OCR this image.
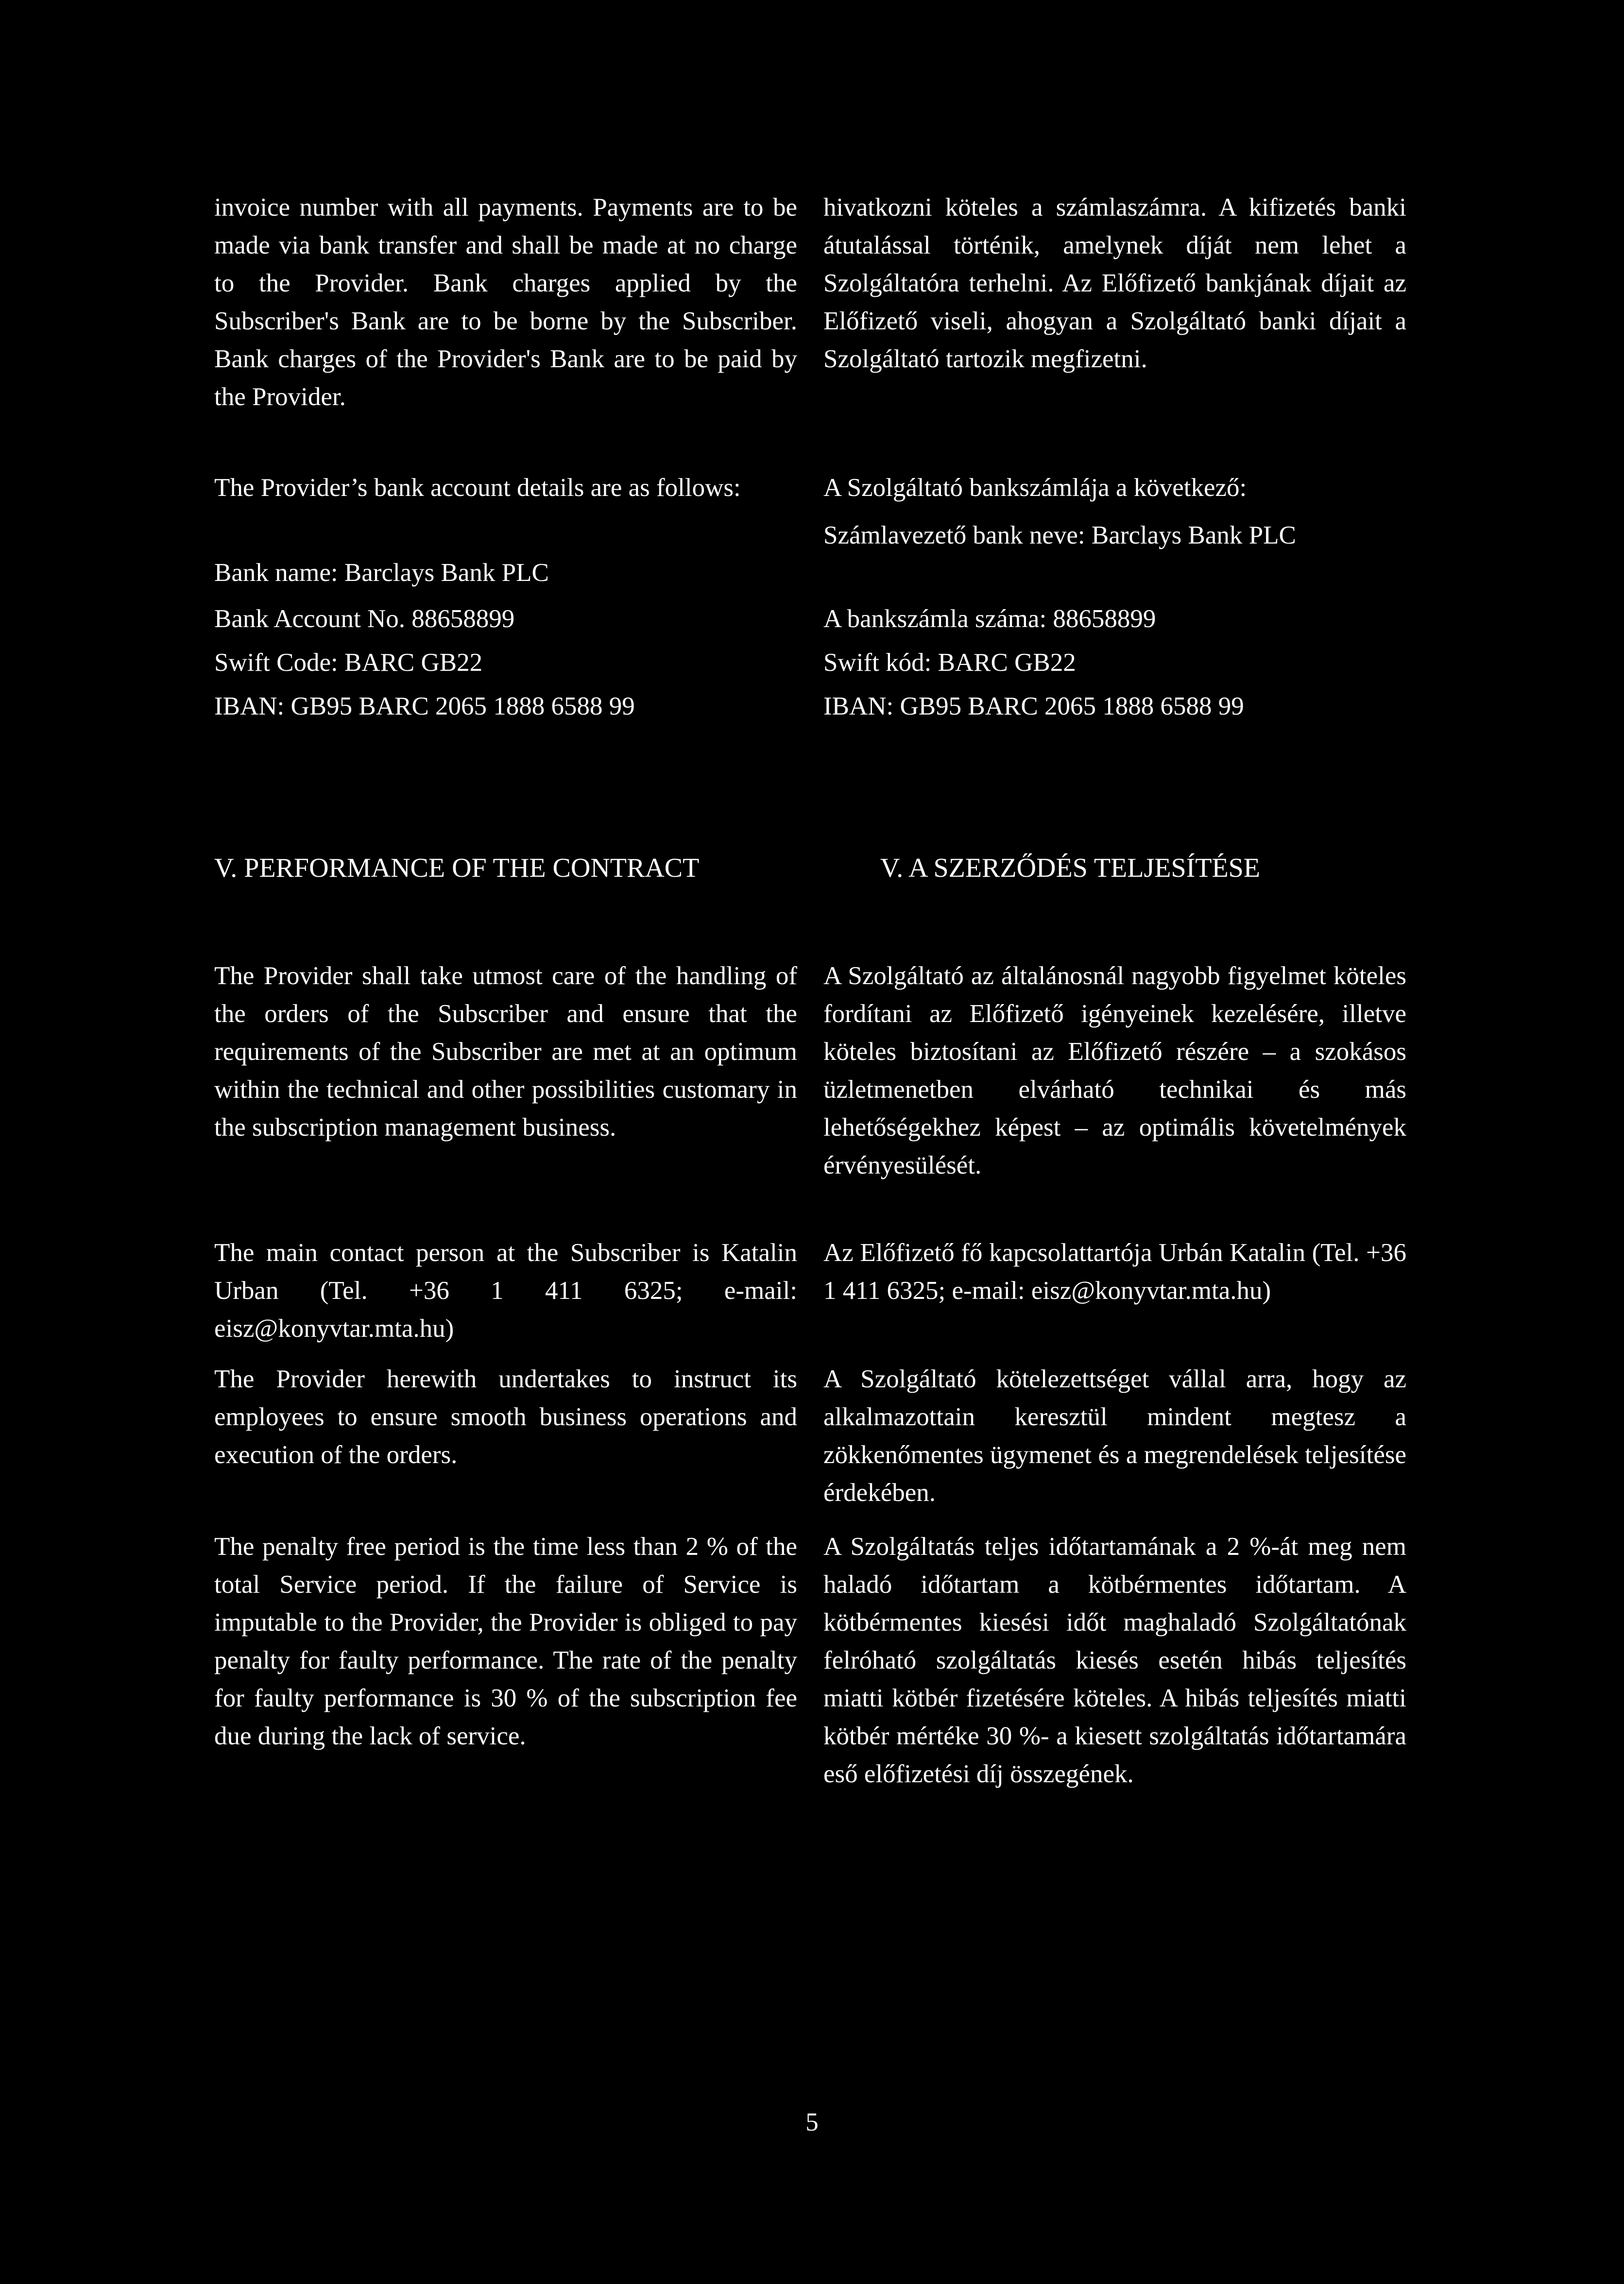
invoice number with all payments. Payments are to be made via bank transfer and shall be made at no charge to the Provider. Bank charges applied by the Subscriber's Bank are to be borne by the Subscriber. Bank charges of the Provider's Bank are to be paid by the Provider.

The Provider’s bank account details are as follows:

Bank name: Barclays Bank PLC

Bank Account No. 88658899

Swift Code: BARC GB22

IBAN: GB95 BARC 2065 1888 6588 99

V. PERFORMANCE OF THE CONTRACT

The Provider shall take utmost care of the handling of the orders of the Subscriber and ensure that the requirements of the Subscriber are met at an optimum within the technical and other possibilities customary in the subscription management business.

The main contact person at the Subscriber is Katalin Urban (Tel. +36 1 411 6325; e-mail: eisz@konyvtar.mta.hu)

The Provider herewith undertakes to instruct its employees to ensure smooth business operations and execution of the orders.

The penalty free period is the time less than 2 % of the total Service period. If the failure of Service is imputable to the Provider, the Provider is obliged to pay penalty for faulty performance. The rate of the penalty for faulty performance is 30 % of the subscription fee due during the lack of service.

hivatkozni köteles a számlaszámra. A kifizetés banki átutalással történik, amelynek díját nem lehet a Szolgáltatóra terhelni. Az Előfizető bankjának díjait az Előfizető viseli, ahogyan a Szolgáltató banki díjait a Szolgáltató tartozik megfizetni.

A Szolgáltató bankszámlája a következő:

Számlavezető bank neve: Barclays Bank PLC

A bankszámla száma: 88658899

Swift kód: BARC GB22

IBAN: GB95 BARC 2065 1888 6588 99

V. A SZERZŐDÉS TELJESÍTÉSE

A Szolgáltató az általánosnál nagyobb figyelmet köteles fordítani az Előfizető igényeinek kezelésére, illetve köteles biztosítani az Előfizető részére – a szokásos üzletmenetben elvárható technikai és más lehetőségekhez képest – az optimális követelmények érvényesülését.

Az Előfizető fő kapcsolattartója Urbán Katalin (Tel. +36 1 411 6325; e-mail: eisz@konyvtar.mta.hu)

A Szolgáltató kötelezettséget vállal arra, hogy az alkalmazottain keresztül mindent megtesz a zökkenőmentes ügymenet és a megrendelések teljesítése érdekében.

A Szolgáltatás teljes időtartamának a 2 %-át meg nem haladó időtartam a kötbérmentes időtartam. A kötbérmentes kiesési időt maghaladó Szolgáltatónak felróható szolgáltatás kiesés esetén hibás teljesítés miatti kötbér fizetésére köteles. A hibás teljesítés miatti kötbér mértéke 30 %- a kiesett szolgáltatás időtartamára eső előfizetési díj összegének.

5
